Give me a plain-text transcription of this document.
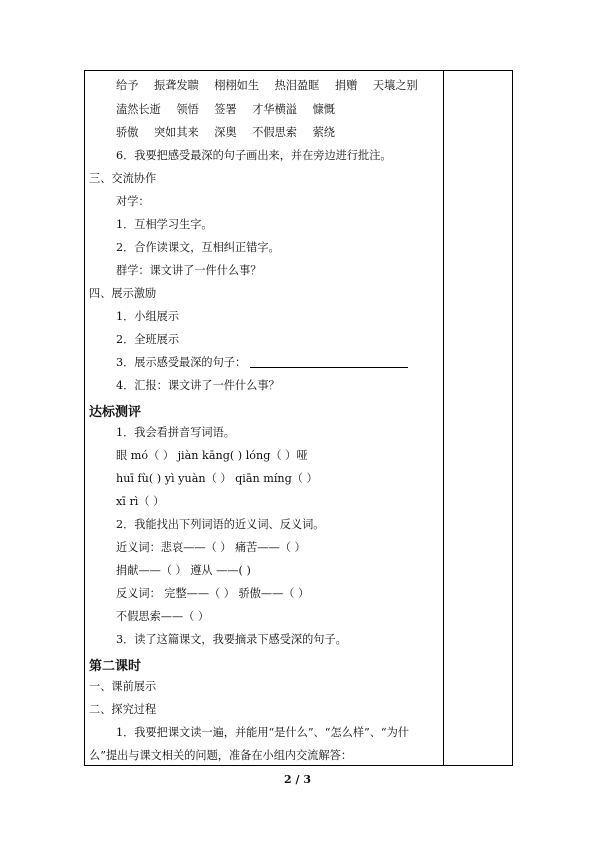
给予 振聋发聩 栩栩如生 热泪盈眶 捐赠 天壤之别
溘然长逝 领悟 签署 才华横溢 慷慨
骄傲 突如其来 深奥 不假思索 萦绕
6．我要把感受最深的句子画出来，并在旁边进行批注。
三、交流协作
对学：
1．互相学习生字。
2．合作读课文，互相纠正错字。
群学：课文讲了一件什么事？
四、展示激励
1．小组展示
2．全班展示
3．展示感受最深的句子：
4．汇报：课文讲了一件什么事？
达标测评
1．我会看拼音写词语。
眼 mó（ ） jiàn kāng( ) lóng（ ）哑
huī fù( ) yì yuàn（ ） qiān míng（ ）
xī rì（ ）
2．我能找出下列词语的近义词、反义词。
近义词：悲哀——（ ） 痛苦——（ ）
捐献——（ ） 遵从 ——( )
反义词： 完整——（ ） 骄傲——（ ）
不假思索——（ ）
3．读了这篇课文，我要摘录下感受深的句子。
第二课时
一、课前展示
二、探究过程
1．我要把课文读一遍，并能用“是什么”、“怎么样”、“为什
么”提出与课文相关的问题，准备在小组内交流解答：
2 / 3
